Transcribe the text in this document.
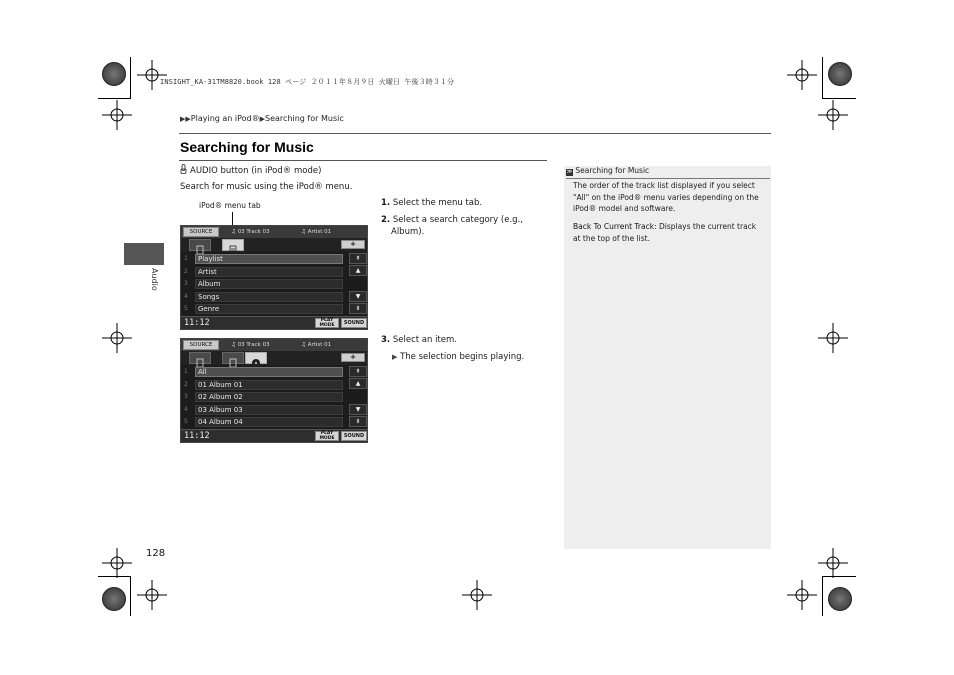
INSIGHT_KA-31TM8820.book 128 ページ ２０１１年８月９日 火曜日 午後３時３１分
▶▶Playing an iPod®▶Searching for Music
Searching for Music
Audio
AUDIO button (in iPod® mode)
Search for music using the iPod® menu.
iPod® menu tab
SOURCE	♫ 03 Track 03	♫ Artist 01
+
1	Playlist
2	Artist
3	Album
4	Songs
5	Genre
⇞
▲
▼
⇟
11:12	PLAY
MODE	SOUND
SOURCE	♫ 03 Track 03	♫ Artist 01
+
1	All
2	01 Album 01
3	02 Album 02
4	03 Album 03
5	04 Album 04
⇞
▲
▼
⇟
11:12	PLAY
MODE	SOUND
1. Select the menu tab.
2. Select a search category (e.g.,
Album).
3. Select an item.
▶ The selection begins playing.
≫ Searching for Music
The order of the track list displayed if you select "All" on the iPod® menu varies depending on the iPod® model and software.
Back To Current Track: Displays the current track at the top of the list.
128
